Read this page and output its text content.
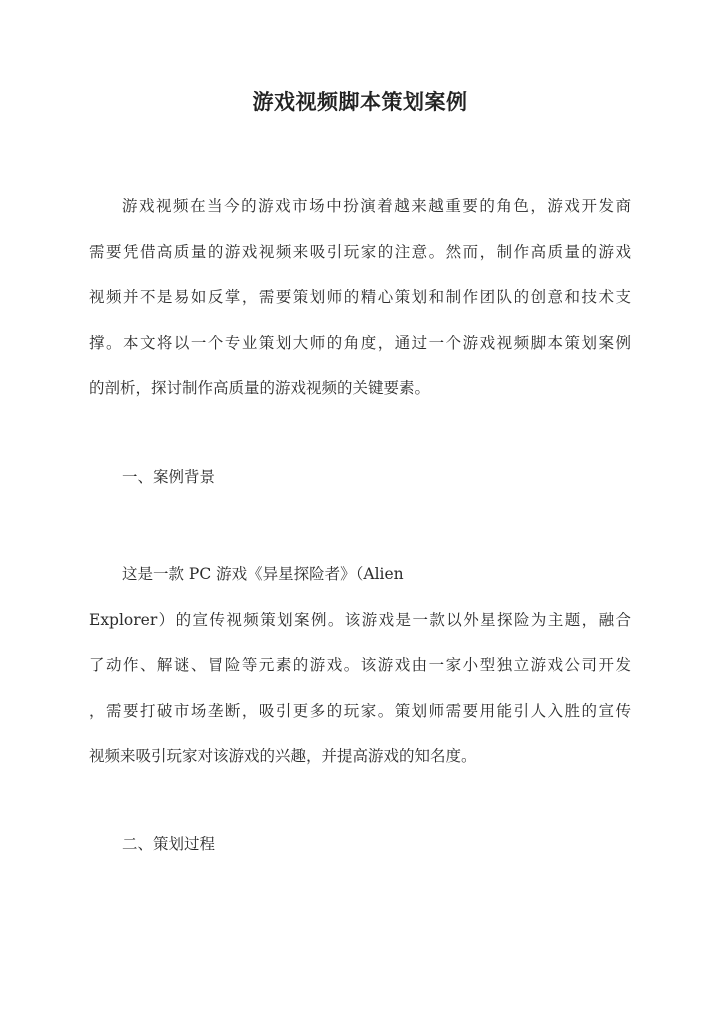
游戏视频脚本策划案例
游戏视频在当今的游戏市场中扮演着越来越重要的角色，游戏开发商
需要凭借高质量的游戏视频来吸引玩家的注意。然而，制作高质量的游戏
视频并不是易如反掌，需要策划师的精心策划和制作团队的创意和技术支
撑。本文将以一个专业策划大师的角度，通过一个游戏视频脚本策划案例
的剖析，探讨制作高质量的游戏视频的关键要素。
一、案例背景
这是一款 PC 游戏《异星探险者》（Alien
Explorer）的宣传视频策划案例。该游戏是一款以外星探险为主题，融合
了动作、解谜、冒险等元素的游戏。该游戏由一家小型独立游戏公司开发
，需要打破市场垄断，吸引更多的玩家。策划师需要用能引人入胜的宣传
视频来吸引玩家对该游戏的兴趣，并提高游戏的知名度。
二、策划过程
